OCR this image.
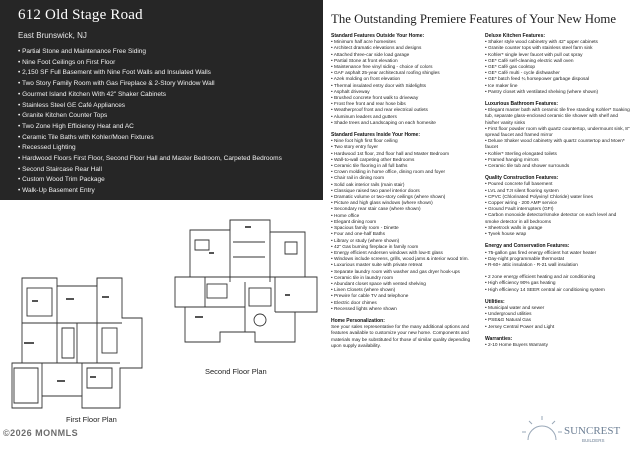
612 Old Stage Road
East Brunswick, NJ
• Partial Stone and Maintenance Free Siding
• Nine Foot Ceilings on First Floor
• 2,150 SF Full Basement with Nine Foot Walls and Insulated Walls
• Two Story Family Room with Gas Fireplace & 2-Story Window Wall
• Gourmet Island Kitchen With 42" Shaker Cabinets
• Stainless Steel GE Café Appliances
• Granite Kitchen Counter Tops
• Two Zone High Efficiency Heat and AC
• Ceramic Tile Baths with Kohler/Moen Fixtures
• Recessed Lighting
• Hardwood Floors First Floor, Second Floor Hall and Master Bedroom, Carpeted Bedrooms
• Second Staircase Rear Hall
• Custom Wood Trim Package
• Walk-Up Basement Entry
Second Floor Plan
First Floor Plan
©2026 MONMLS
The Outstanding Premiere Features of Your New Home
Standard Features Outside Your Home:
• Minimum half acre homesites
• Architect dramatic elevations and designs
• Attached three-car side load garage
• Partial Stone at front elevation
• Maintenance free vinyl siding - choice of colors
• GAF asphalt 25-year architectural roofing shingles
• Azek molding on front elevation
• Thermal insulated entry door with Sidelights
• Asphalt driveway
• Brushed concrete front walk to driveway
• Frost free front and rear hose bibs
• Weatherproof front and rear electrical outlets
• Aluminum leaders and gutters
• Shade trees and Landscaping on each homesite
Standard Features Inside Your Home:
• Nine foot high first floor ceiling
• Two story entry foyer
• Hardwood 1st floor, 2nd floor hall and Master Bedroom
• Wall-to-wall carpeting other Bedrooms
• Ceramic tile flooring in all full baths
• Crown molding in home office, dining room and foyer
• Chair rail in dining room
• Solid oak interior rails (main stair)
• Classique raised two panel interior doors
• Dramatic volume or two-story ceilings (where shown)
• Picture and high glass windows (where shown)
• Secondary rear stair case (where shown)
• Home office
• Elegant dining room
• Spacious family room - Dinette
• Four and one-half Baths
• Library or study (where shown)
• 42" Gas burning fireplace in family room
• Energy efficient Andersen windows with low-E glass
• Windows include screens, grills, wood jams & interior wood trim.
• Luxurious master suite with private retreat
• Separate laundry room with washer and gas dryer hook-ups
• Ceramic tile in laundry room
• Abundant closet space with vented shelving
• Linen Closets (where shown)
• Prewire for cable TV and telephone
• Electric door chimes
• Recessed lights where shown
Home Personalization:

See your sales representative for the many additional options and features available to customize your new home. Components and materials may be substituted for those of similar quality depending upon supply availability.

Deluxe Kitchen Features:
• Shaker style wood cabinetry with 42" upper cabinets
• Granite counter tops with stainless steel farm sink
• Kohler* single lever faucet with pull out spray
• GE* Café self-cleaning electric wall oven
• GE* Café gas cooktop
• GE* Café multi - cycle dishwasher
• GE* batch feed ¾ horsepower garbage disposal
• Ice maker line
• Pantry closet with ventilated shelving (where shown)
Luxurious Bathroom Features:
• Elegant master bath with ceramic tile free standing Kohler* Soaking tub, separate glass-enclosed ceramic tile shower with shelf and his/her vanity sinks
• First floor powder room with quartz countertop, undermount sink, 8" spread faucet and framed mirror
• Deluxe Shaker wood cabinetry with quartz countertop and Moen* faucet
• Kohler* Sterling elongated toilets
• Framed hanging mirrors
• Ceramic tile tub and shower surrounds
Quality Construction Features:
• Poured concrete full basement
• LVL and TJI silent flooring system
• CPVC (Chlorinated Polyvinyl Chloride) water lines
• Copper wiring - 200 AMP service
• Ground Fault interrupters (GFI)
• Carbon monoxide detector/smoke detector on each level and smoke detector in all bedrooms
• Sheetrock walls in garage
• Tyvek house wrap
Energy and Conservation Features:
• 75-gallon gas fired energy efficient hot water heater
• Day-night programmable thermostat
• R-60+ attic insulation - R-21 wall insulation
• 2 zone energy efficient heating and air conditioning
• High efficiency 90% gas heating
• High efficiency 14 SEER central air conditioning system
Utilities:
• Municipal water and sewer
• Underground utilities
• PSE&G Natural Gas
• Jersey Central Power and Light
Warranties:
• 2-10 Home Buyers Warranty
SUNCREST
BUILDERS
